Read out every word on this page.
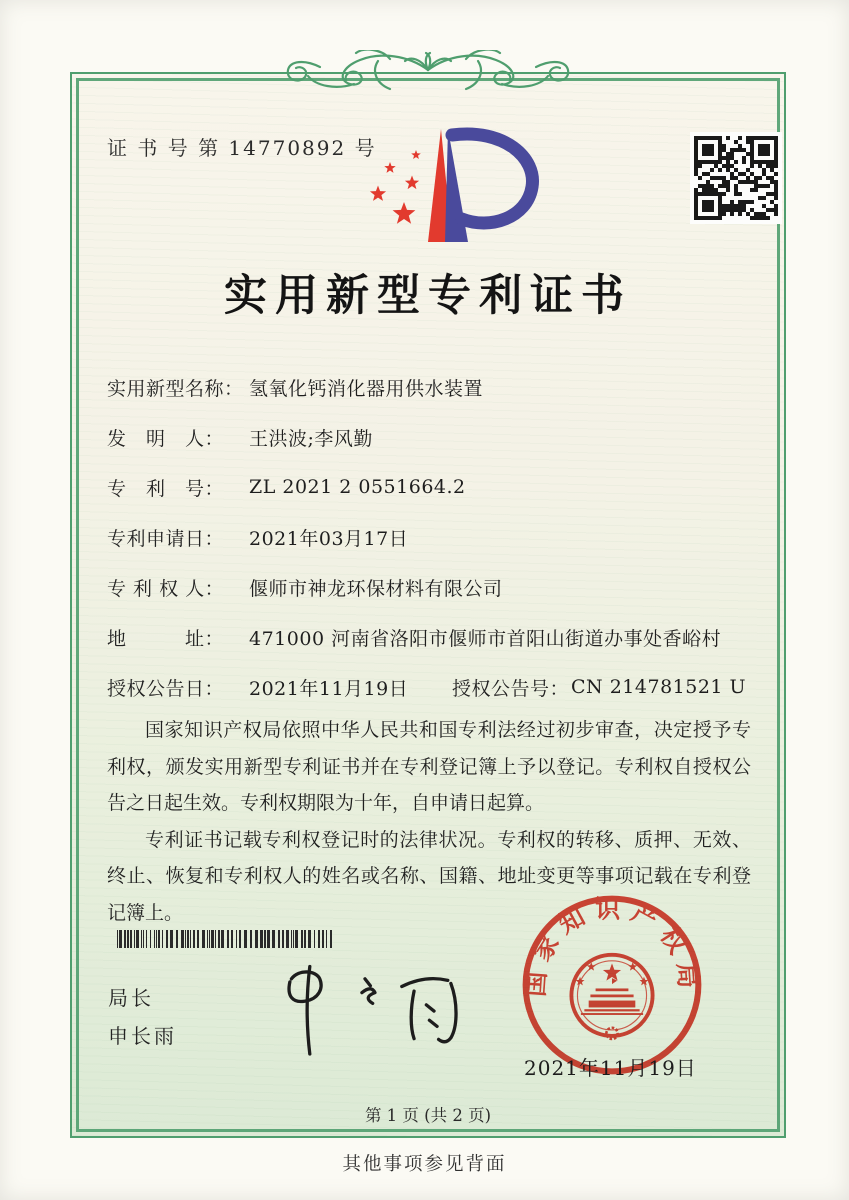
证 书 号 第 14770892 号
实用新型专利证书
实用新型名称： 氢氧化钙消化器用供水装置
发　明　人：	王洪波;李风勤
专　利　号：	ZL 2021 2 0551664.2
专利申请日：	2021年03月17日
专 利 权 人：	偃师市神龙环保材料有限公司
地　　　址：	471000 河南省洛阳市偃师市首阳山街道办事处香峪村
授权公告日：	2021年11月19日 授权公告号： CN 214781521 U

国家知识产权局依照中华人民共和国专利法经过初步审查，决定授予专利权，颁发实用新型专利证书并在专利登记簿上予以登记。专利权自授权公告之日起生效。专利权期限为十年，自申请日起算。

专利证书记载专利权登记时的法律状况。专利权的转移、质押、无效、终止、恢复和专利权人的姓名或名称、国籍、地址变更等事项记载在专利登记簿上。

局长
申长雨
国家知识产权局
2021年11月19日
第 1 页 (共 2 页)
其他事项参见背面
